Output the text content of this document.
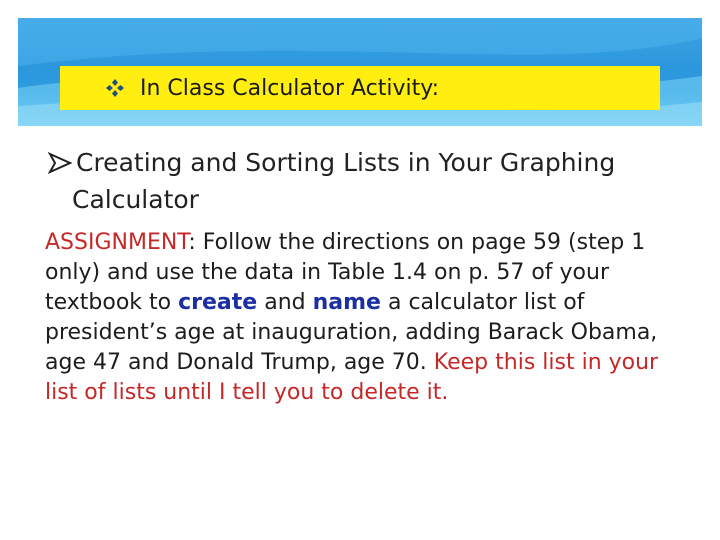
In Class Calculator Activity:
Creating and Sorting Lists in Your Graphing
Calculator
ASSIGNMENT: Follow the directions on page 59 (step 1 only) and use the data in Table 1.4 on p. 57 of your textbook to create and name a calculator list of president’s age at inauguration, adding Barack Obama, age 47 and Donald Trump, age 70. Keep this list in your list of lists until I tell you to delete it.
